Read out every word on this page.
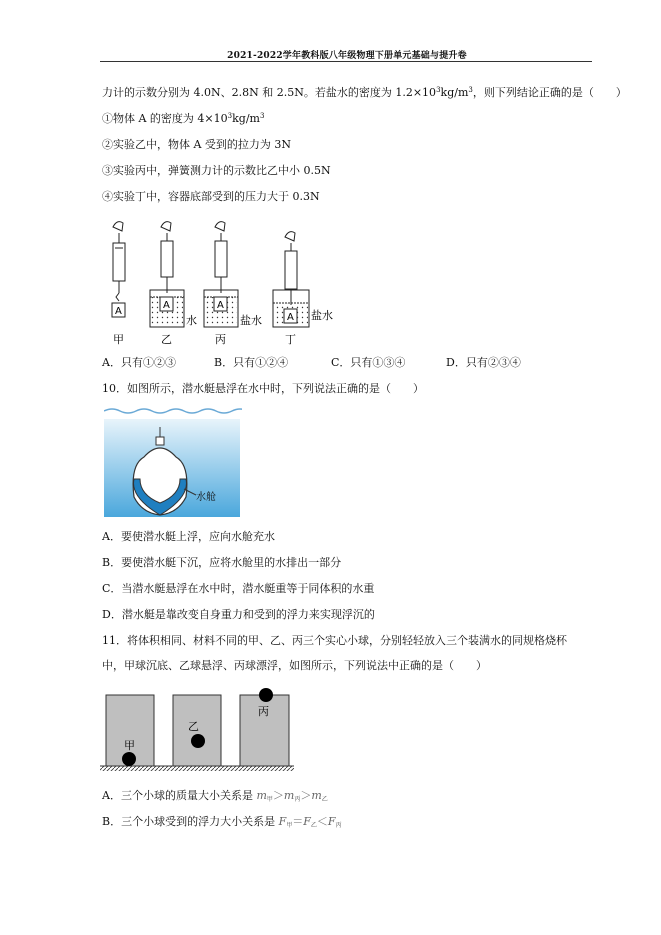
2021-2022学年教科版八年级物理下册单元基础与提升卷
力计的示数分别为 4.0N、2.8N 和 2.5N。若盐水的密度为 $1.2\times 10^3kg/m^3$，则下列结论正确的是（　　）
①物体 A 的密度为 $4\times 10^3kg/m^3$
②实验乙中，物体 A 受到的拉力为 3N
③实验丙中，弹簧测力计的示数比乙中小 0.5N
④实验丁中，容器底部受到的压力大于 0.3N
A
A
水
A
盐水	A 盐水
甲	乙	丙	丁
A．只有①②③	B．只有①②④	C．只有①③④	D．只有②③④
10．如图所示，潜水艇悬浮在水中时，下列说法正确的是（　　）
水舱
A．要使潜水艇上浮，应向水舱充水
B．要使潜水艇下沉，应将水舱里的水排出一部分
C．当潜水艇悬浮在水中时，潜水艇重等于同体积的水重
D．潜水艇是靠改变自身重力和受到的浮力来实现浮沉的
11．将体积相同、材料不同的甲、乙、丙三个实心小球，分别轻轻放入三个装满水的同规格烧杯
中，甲球沉底、乙球悬浮、丙球漂浮，如图所示，下列说法中正确的是（　　）
甲
乙
丙
A．三个小球的质量大小关系是 $m_甲>m_丙>m_乙$
B．三个小球受到的浮力大小关系是 $F_甲=F_乙<F_丙$
